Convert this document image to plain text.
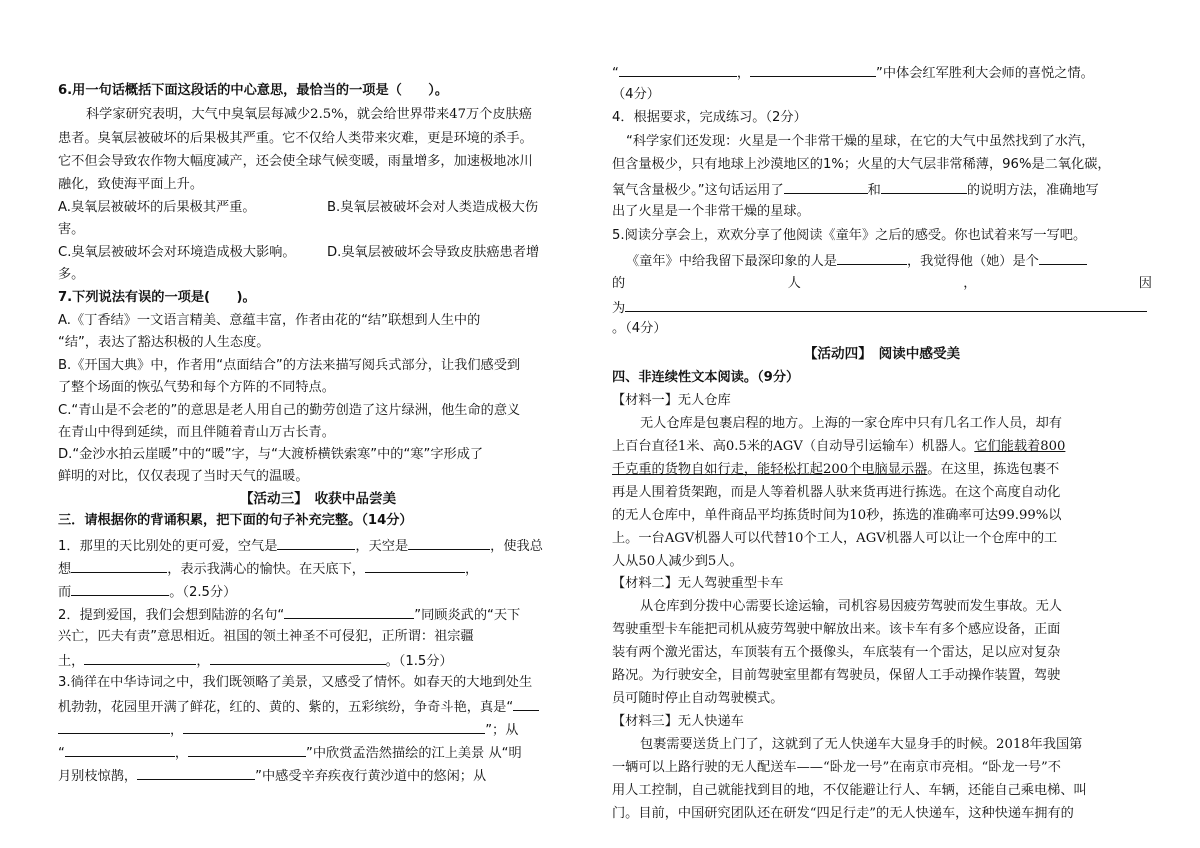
6.用一句话概括下面这段话的中心意思，最恰当的一项是（　　）。
科学家研究表明，大气中臭氧层每减少2.5%，就会给世界带来47万个皮肤癌
患者。臭氧层被破坏的后果极其严重。它不仅给人类带来灾难，更是环境的杀手。
它不但会导致农作物大幅度减产，还会使全球气候变暖，雨量增多，加速极地冰川
融化，致使海平面上升。
A.臭氧层被破坏的后果极其严重。	B.臭氧层被破坏会对人类造成极大伤
害。
C.臭氧层被破坏会对环境造成极大影响。 D.臭氧层被破坏会导致皮肤癌患者增
多。
7.下列说法有误的一项是(　　)。
A.《丁香结》一文语言精美、意蕴丰富，作者由花的“结”联想到人生中的
“结”，表达了豁达积极的人生态度。
B.《开国大典》中，作者用“点面结合”的方法来描写阅兵式部分，让我们感受到
了整个场面的恢弘气势和每个方阵的不同特点。
C.“青山是不会老的”的意思是老人用自己的勤劳创造了这片绿洲，他生命的意义
在青山中得到延续，而且伴随着青山万古长青。
D.“金沙水拍云崖暖”中的“暖”字，与“大渡桥横铁索寒”中的“寒”字形成了
鲜明的对比，仅仅表现了当时天气的温暖。
【活动三】　收获中品尝美
三．请根据你的背诵积累，把下面的句子补充完整。（14分）
1．那里的天比别处的更可爱，空气是	，天空是	，使我总
想	，表示我满心的愉快。在天底下，	，
而	。（2.5分）
2．提到爱国，我们会想到陆游的名句“	”同顾炎武的“天下
兴亡，匹夫有责”意思相近。祖国的领土神圣不可侵犯，正所谓：祖宗疆
土，	，	。（1.5分）
3.徜徉在中华诗词之中，我们既领略了美景，又感受了情怀。如春天的大地到处生
机勃勃，花园里开满了鲜花，红的、黄的、紫的，五彩缤纷，争奇斗艳，真是“
，	”；从
“	，	”中欣赏孟浩然描绘的江上美景 从“明
月别枝惊鹊，	”中感受辛弃疾夜行黄沙道中的悠闲；从
“	，	”中体会红军胜利大会师的喜悦之情。
（4分）
4．根据要求，完成练习。（2分）
“科学家们还发现：火星是一个非常干燥的星球，在它的大气中虽然找到了水汽，
但含量极少，只有地球上沙漠地区的1%；火星的大气层非常稀薄，96%是二氧化碳，
氧气含量极少。”这句话运用了	和	的说明方法，准确地写
出了火星是一个非常干燥的星球。
5.阅读分享会上，欢欢分享了他阅读《童年》之后的感受。你也试着来写一写吧。
《童年》中给我留下最深印象的人是	，我觉得他（她）是个
的	人	，	因
为
。（4分）
【活动四】　阅读中感受美
四、非连续性文本阅读。（9分）
【材料一】无人仓库
无人仓库是包裹启程的地方。上海的一家仓库中只有几名工作人员，却有
上百台直径1米、高0.5米的AGV（自动导引运输车）机器人。它们能载着800
千克重的货物自如行走，能轻松扛起200个电脑显示器。在这里，拣选包裹不
再是人围着货架跑，而是人等着机器人驮来货再进行拣选。在这个高度自动化
的无人仓库中，单件商品平均拣货时间为10秒，拣选的准确率可达99.99%以
上。一台AGV机器人可以代替10个工人，AGV机器人可以让一个仓库中的工
人从50人减少到5人。
【材料二】无人驾驶重型卡车
从仓库到分拨中心需要长途运输，司机容易因疲劳驾驶而发生事故。无人
驾驶重型卡车能把司机从疲劳驾驶中解放出来。该卡车有多个感应设备，正面
装有两个激光雷达，车顶装有五个摄像头，车底装有一个雷达，足以应对复杂
路况。为行驶安全，目前驾驶室里都有驾驶员，保留人工手动操作装置，驾驶
员可随时停止自动驾驶模式。
【材料三】无人快递车
包裹需要送货上门了，这就到了无人快递车大显身手的时候。2018年我国第
一辆可以上路行驶的无人配送车——“卧龙一号”在南京市亮相。“卧龙一号”不
用人工控制，自己就能找到目的地，不仅能避让行人、车辆，还能自己乘电梯、叫
门。目前，中国研究团队还在研发“四足行走”的无人快递车，这种快递车拥有的
